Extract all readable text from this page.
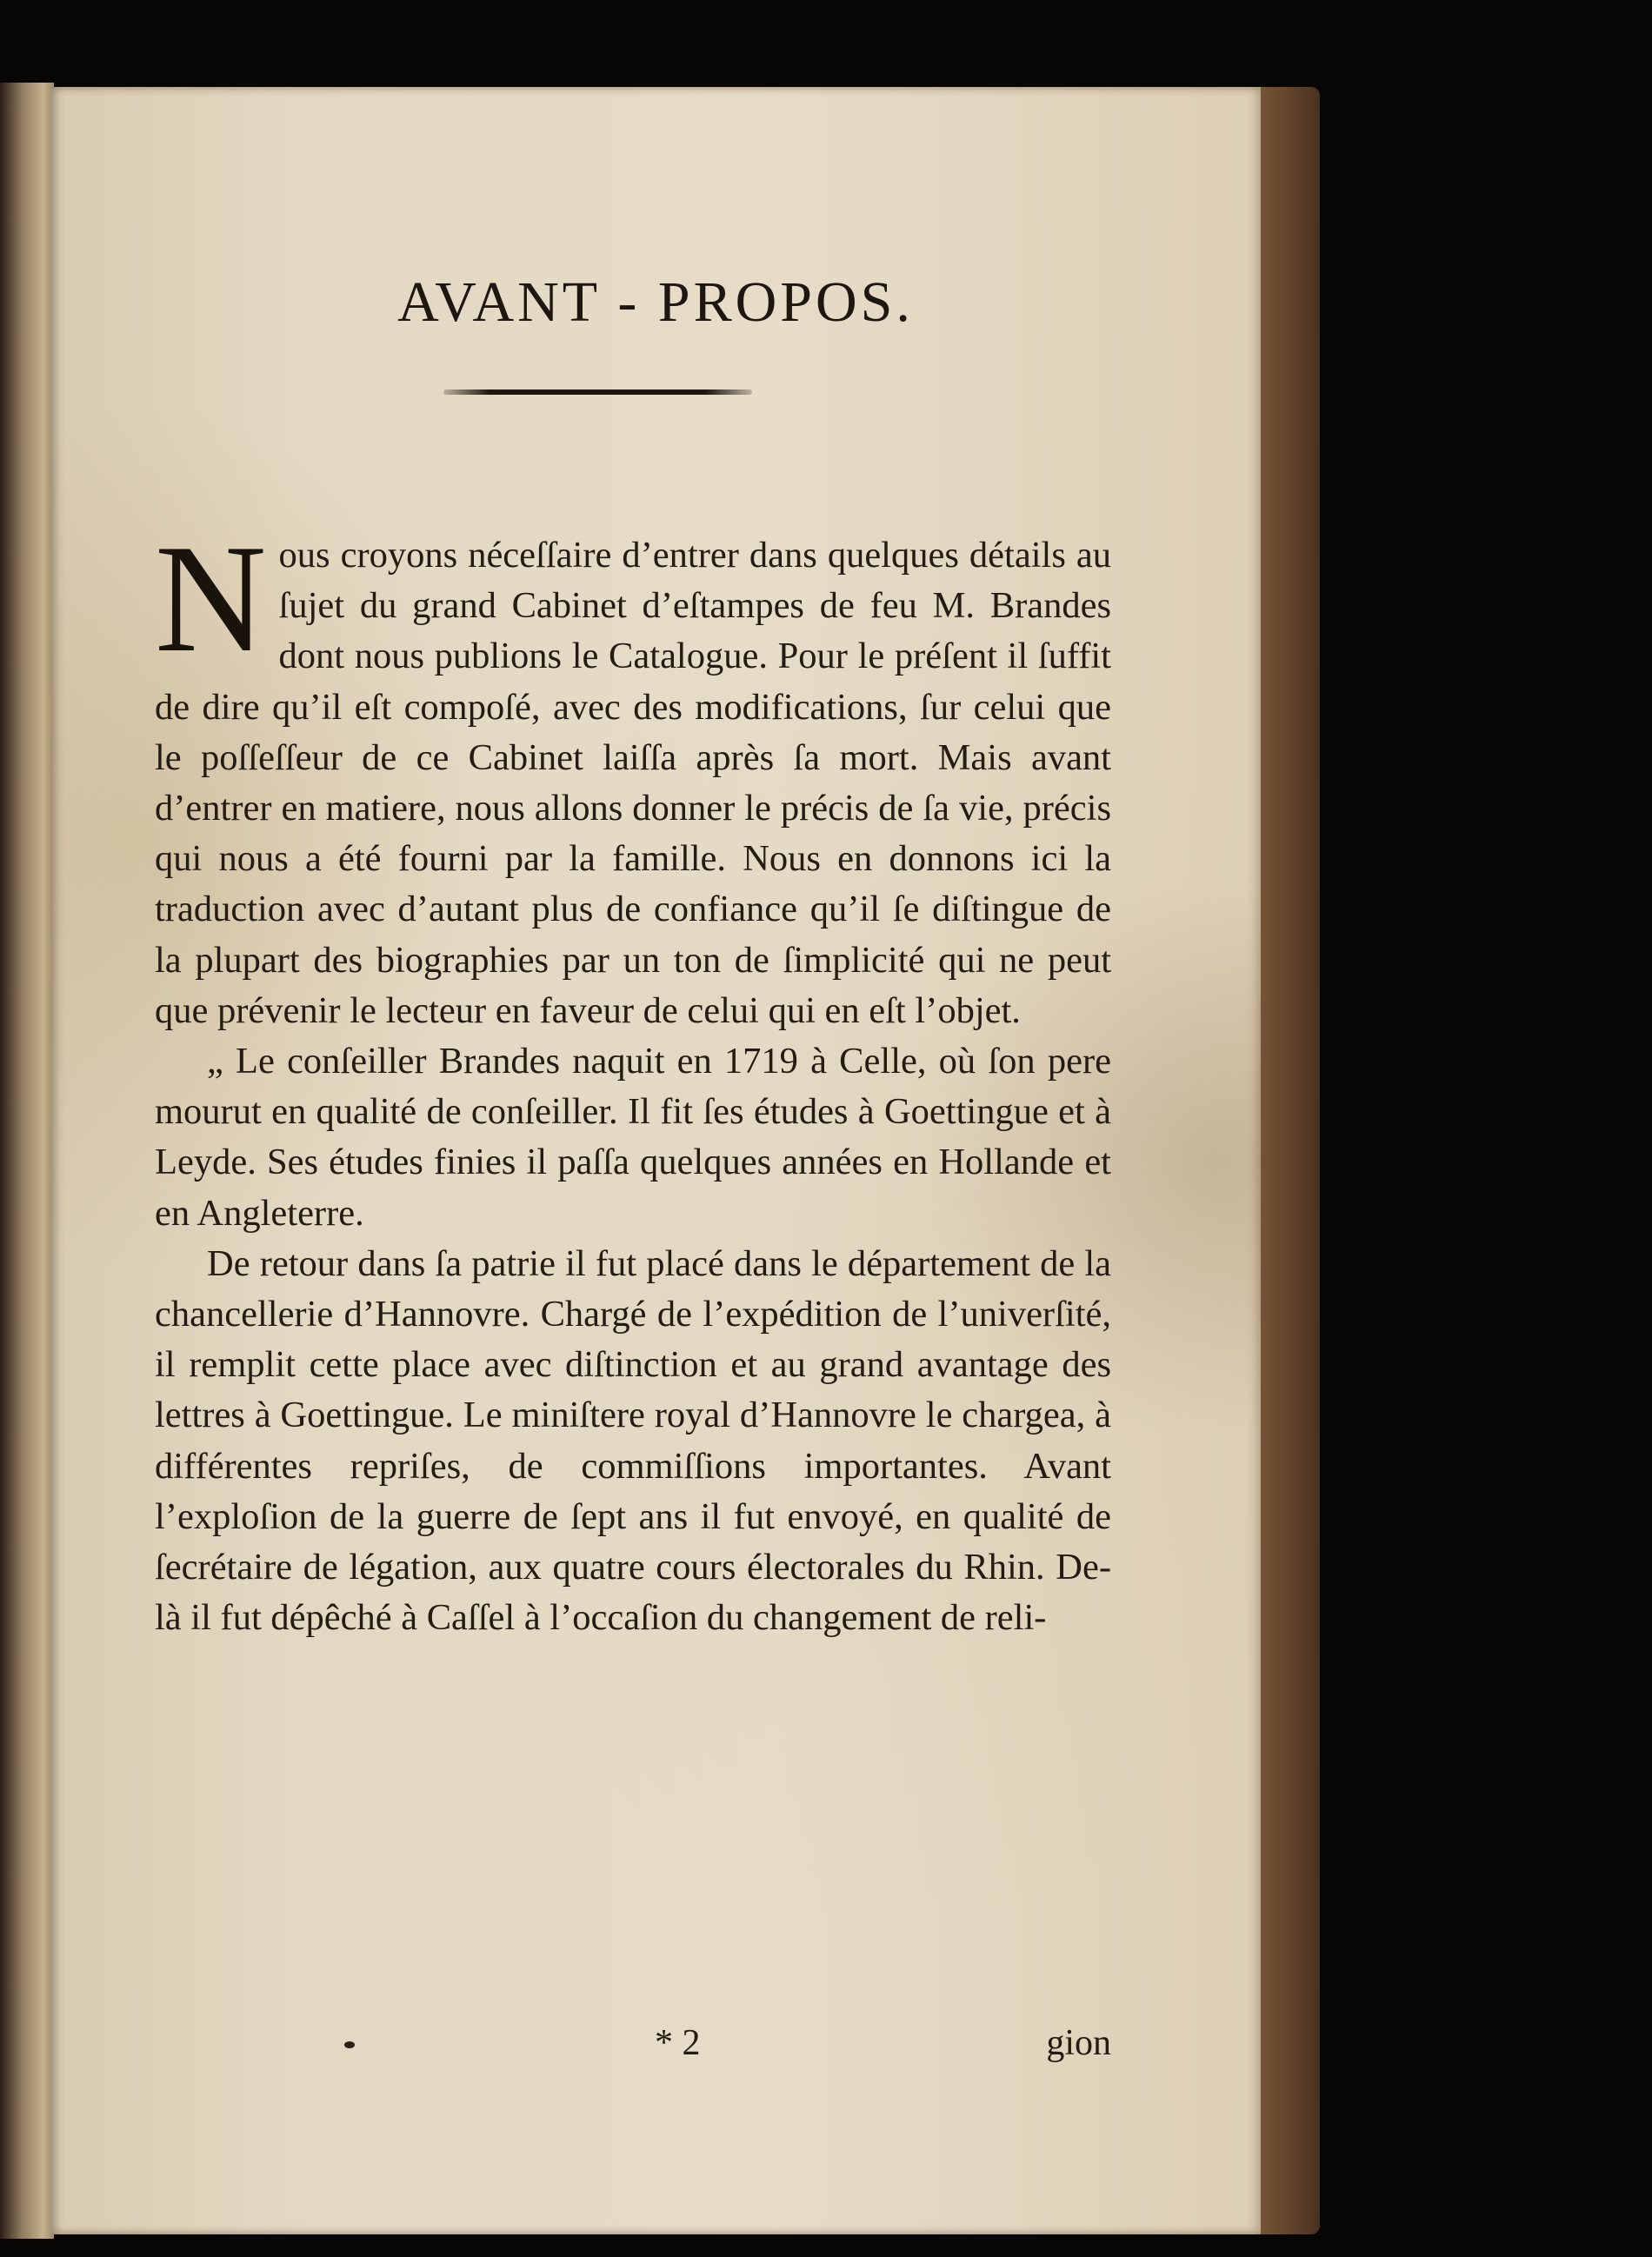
AVANT - PROPOS.

Nous croyons néceſſaire d’entrer dans quelques détails au ſujet du grand Cabinet d’eſtampes de feu M. Brandes dont nous publions le Catalogue. Pour le préſent il ſuffit de dire qu’il eſt compoſé, avec des modifications, ſur celui que le poſſeſſeur de ce Cabinet laiſſa après ſa mort. Mais avant d’entrer en matiere, nous allons donner le précis de ſa vie, précis qui nous a été fourni par la famille. Nous en donnons ici la traduction avec d’autant plus de confiance qu’il ſe diſtingue de la plupart des biographies par un ton de ſimplicité qui ne peut que prévenir le lecteur en faveur de celui qui en eſt l’objet.

„ Le conſeiller Brandes naquit en 1719 à Celle, où ſon pere mourut en qualité de conſeiller. Il fit ſes études à Goettingue et à Leyde. Ses études finies il paſſa quelques années en Hollande et en Angleterre.

De retour dans ſa patrie il fut placé dans le département de la chancellerie d’Hannovre. Chargé de l’expédition de l’univerſité, il remplit cette place avec diſtinction et au grand avantage des lettres à Goettingue. Le miniſtere royal d’Hannovre le chargea, à différentes repriſes, de commiſſions importantes. Avant l’exploſion de la guerre de ſept ans il fut envoyé, en qualité de ſecrétaire de légation, aux quatre cours électorales du Rhin. De-là il fut dépêché à Caſſel à l’occaſion du changement de reli-

* 2	gion
